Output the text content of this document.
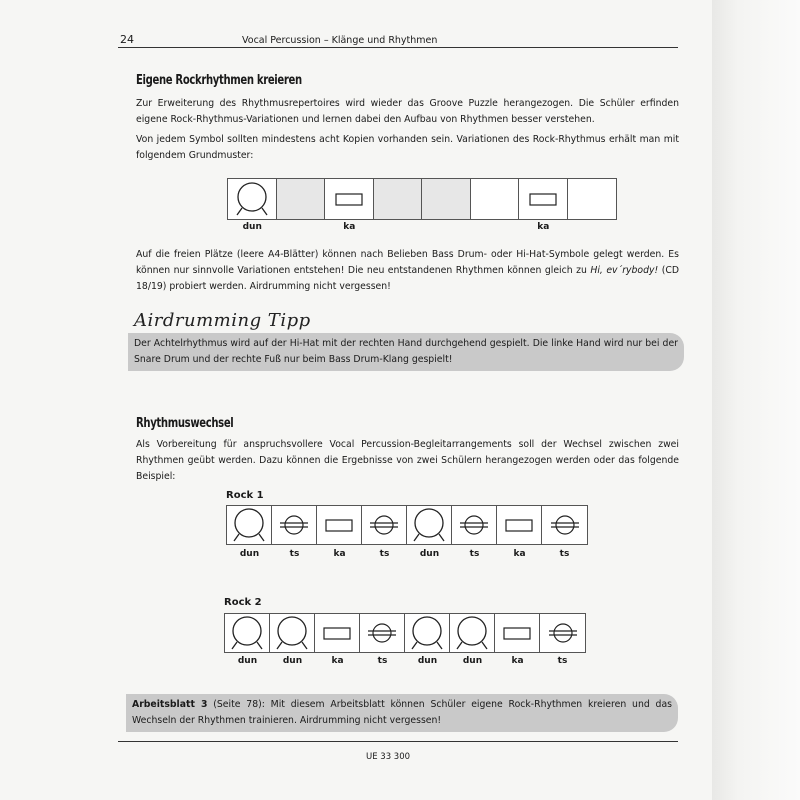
24	Vocal Percussion – Klänge und Rhythmen
Eigene Rockrhythmen kreieren
Zur Erweiterung des Rhythmusrepertoires wird wieder das Groove Puzzle herangezogen. Die Schüler erfinden eigene Rock-Rhythmus-Variationen und lernen dabei den Aufbau von Rhythmen besser verstehen.
Von jedem Symbol sollten mindestens acht Kopien vorhanden sein. Variationen des Rock-Rhythmus erhält man mit folgendem Grundmuster:
dun	ka	ka
Auf die freien Plätze (leere A4-Blätter) können nach Belieben Bass Drum- oder Hi-Hat-Symbole gelegt werden. Es können nur sinnvolle Variationen entstehen! Die neu entstandenen Rhythmen können gleich zu Hi, ev´rybody! (CD 18/19) probiert werden. Airdrumming nicht vergessen!
Airdrumming Tipp
Der Achtelrhythmus wird auf der Hi-Hat mit der rechten Hand durchgehend gespielt. Die linke Hand wird nur bei der Snare Drum und der rechte Fuß nur beim Bass Drum-Klang gespielt!
Rhythmuswechsel
Als Vorbereitung für anspruchsvollere Vocal Percussion-Begleitarrangements soll der Wechsel zwischen zwei Rhythmen geübt werden. Dazu können die Ergebnisse von zwei Schülern herangezogen werden oder das folgende Beispiel:
Rock 1
dun	ts	ka	ts	dun	ts	ka	ts
Rock 2
dun	dun	ka	ts	dun	dun	ka	ts
Arbeitsblatt 3 (Seite 78): Mit diesem Arbeitsblatt können Schüler eigene Rock-Rhythmen kreieren und das Wechseln der Rhythmen trainieren. Airdrumming nicht vergessen!
UE 33 300
